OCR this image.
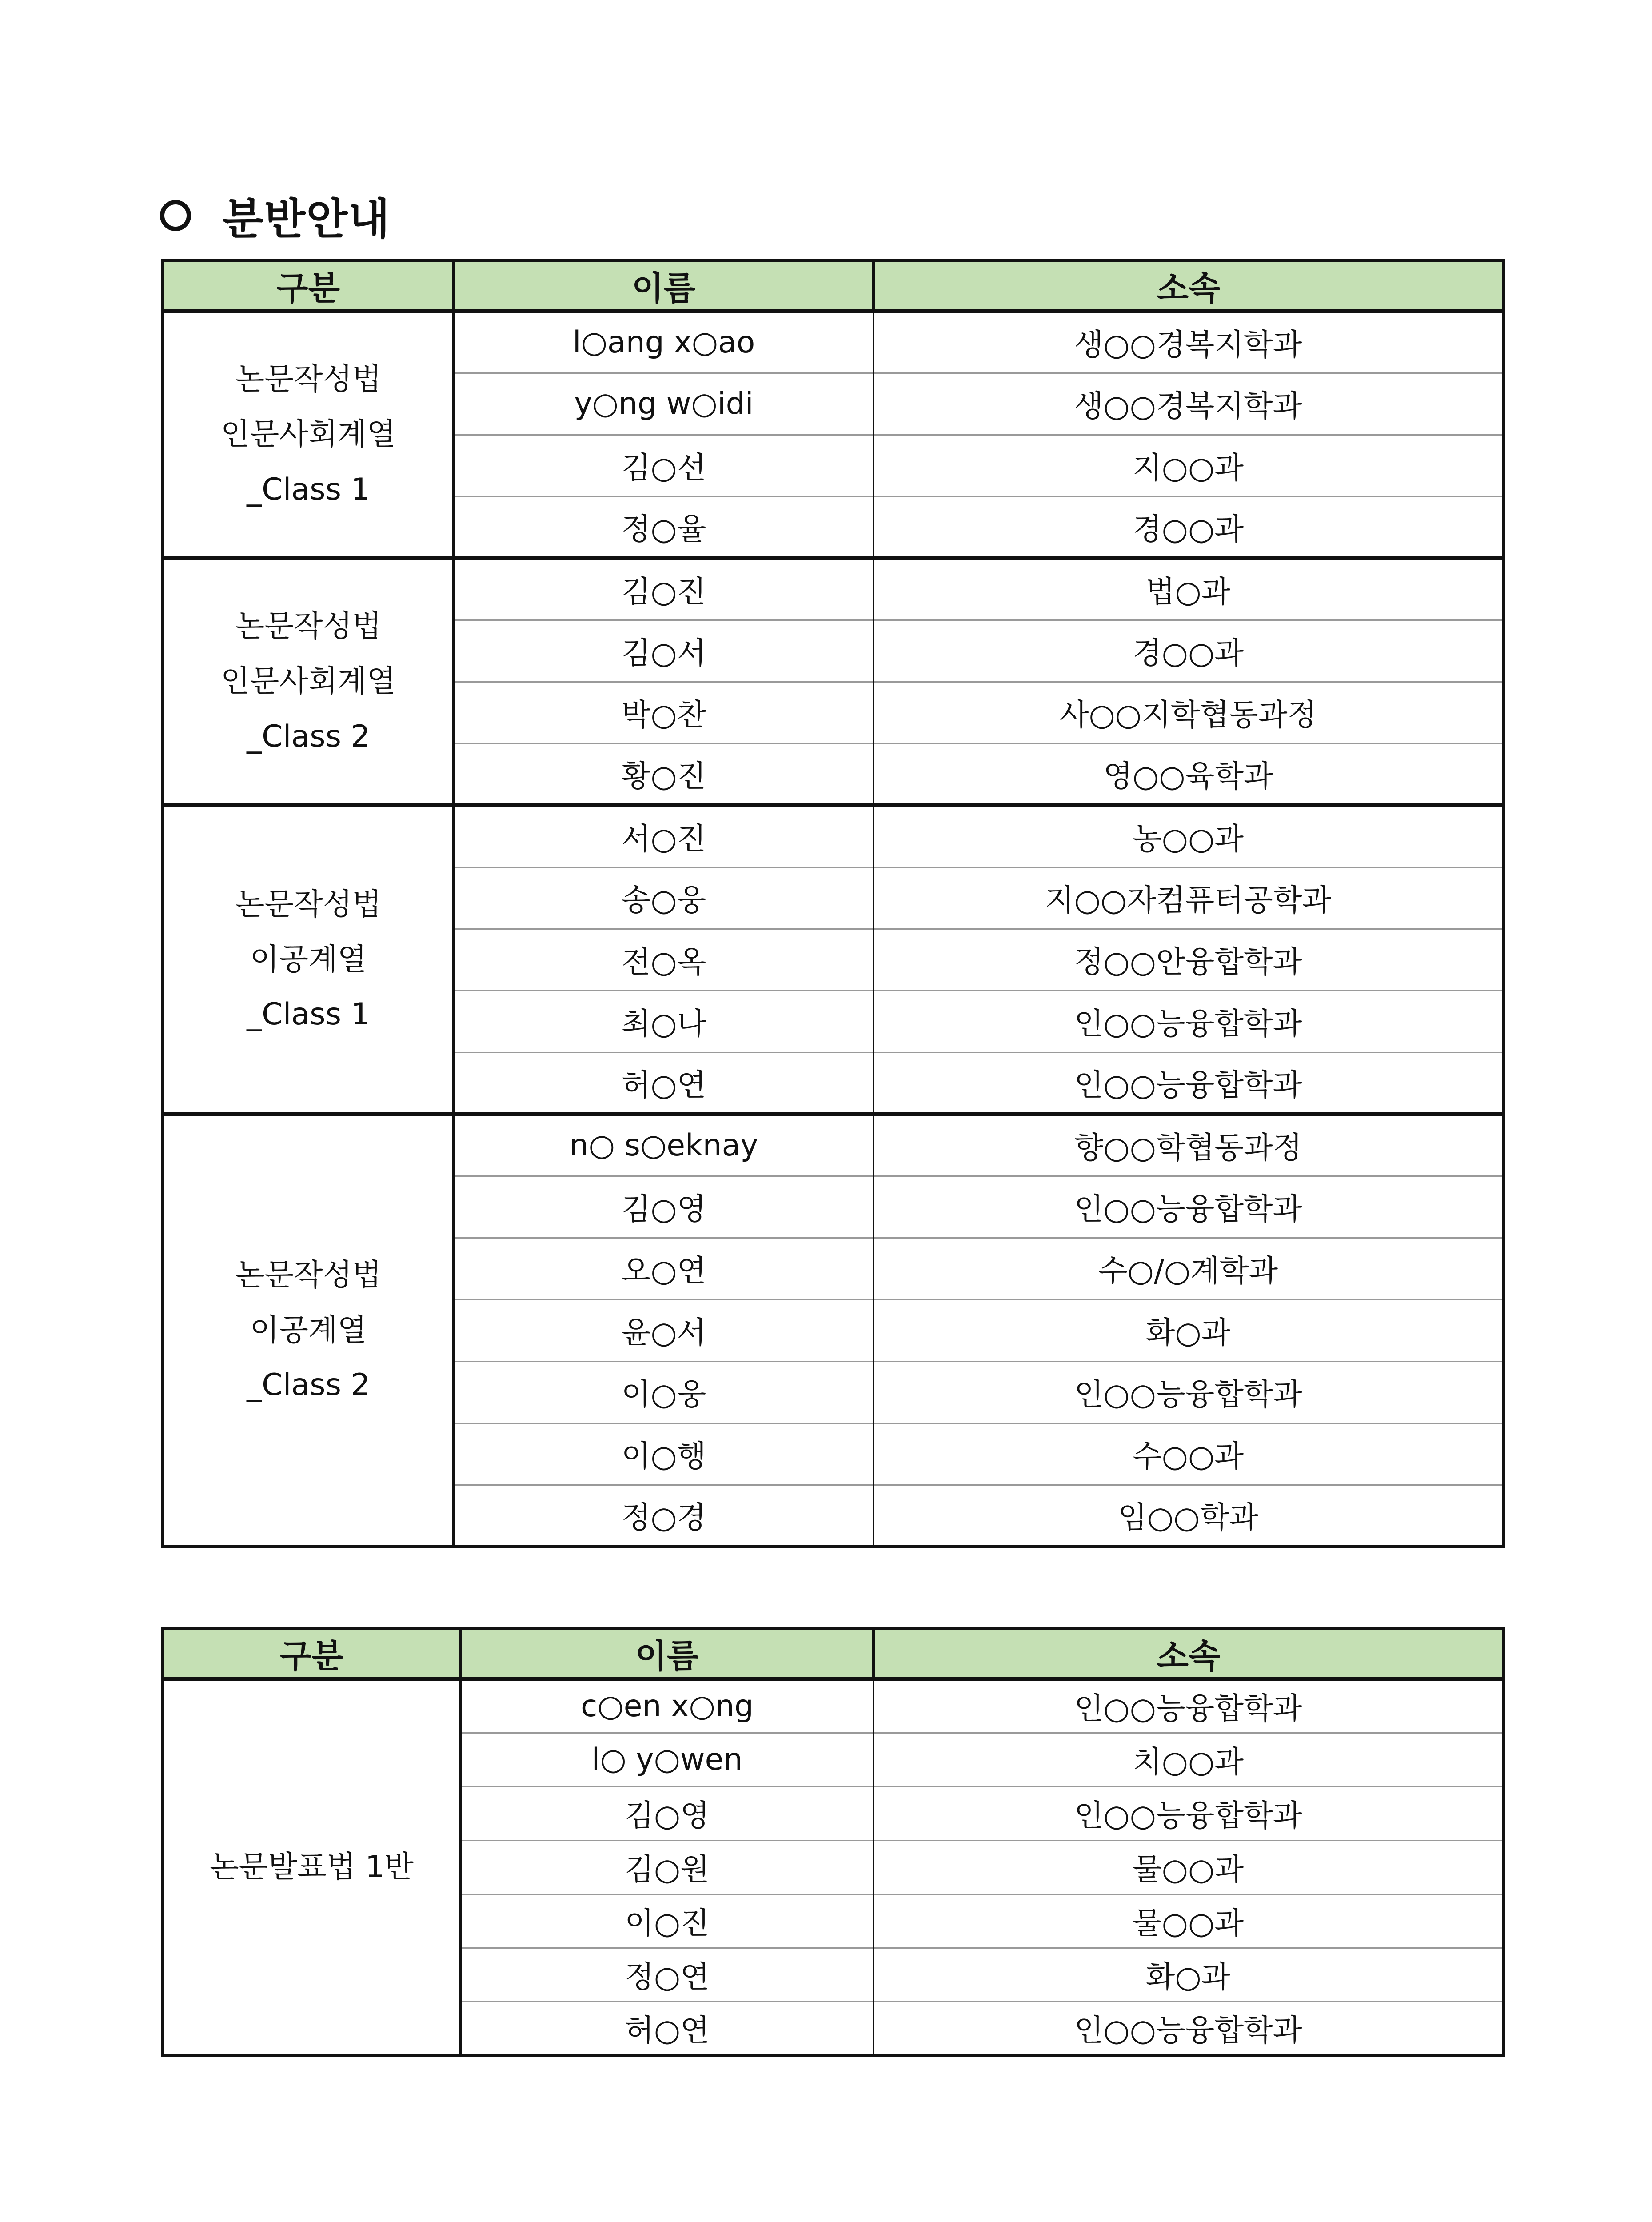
분반안내
구분	이름	소속

논문작성법
인문사회계열
_Class 1	l○ang x○ao	생○○경복지학과
	y○ng w○idi	생○○경복지학과
	김○선	지○○과
	정○율	경○○과

논문작성법
인문사회계열
_Class 2	김○진	법○과
	김○서	경○○과
	박○찬	사○○지학협동과정
	황○진	영○○육학과

논문작성법
이공계열
_Class 1	서○진	농○○과
	송○웅	지○○자컴퓨터공학과
	전○옥	정○○안융합학과
	최○나	인○○능융합학과
	허○연	인○○능융합학과

논문작성법
이공계열
_Class 2	n○ s○eknay	향○○학협동과정
	김○영	인○○능융합학과
	오○연	수○/○계학과
	윤○서	화○과
	이○웅	인○○능융합학과
	이○행	수○○과
	정○경	임○○학과
구분	이름	소속

논문발표법 1반	c○en x○ng	인○○능융합학과
	l○ y○wen	치○○과
	김○영	인○○능융합학과
	김○원	물○○과
	이○진	물○○과
	정○연	화○과
	허○연	인○○능융합학과
